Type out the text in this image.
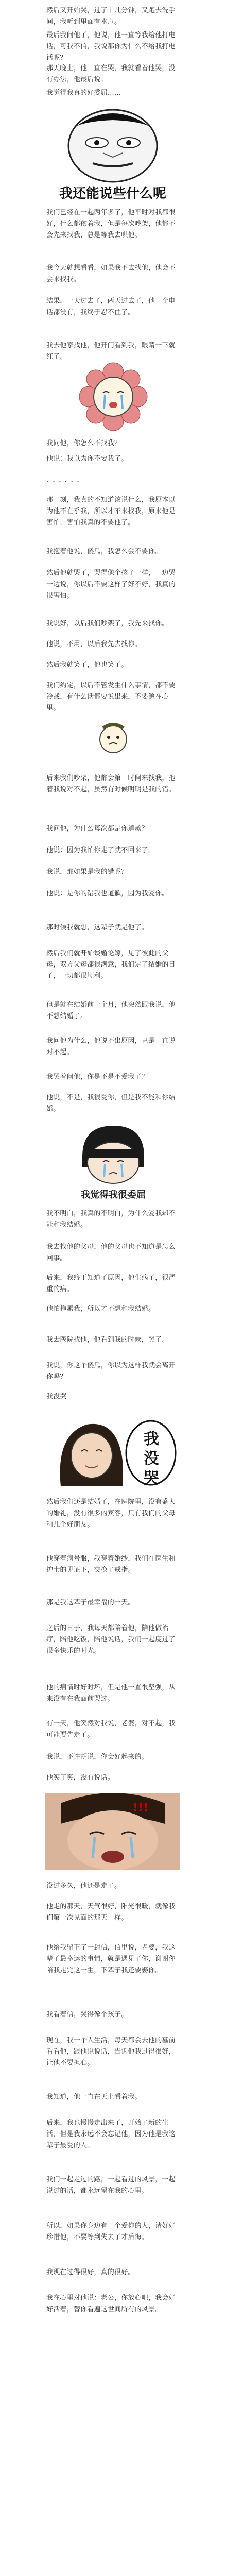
然后又开始哭，过了十几分钟，又跑去洗手间，我听到里面有水声。
最后我问他了，他说，他一直等我给他打电话，可我不信，我说那你为什么不给我打电话呢？
那天晚上，他一直在哭，我就看着他哭，没有办法，他最后说：
我觉得我真的好委屈……
我还能说些什么呢
我们已经在一起两年多了，他平时对我都很好，什么都依着我，但是每次吵架，他都不会先来找我，总是等我去哄他。
我今天就想看看，如果我不去找他，他会不会来找我。
结果，一天过去了，两天过去了，他一个电话都没有，我终于忍不住了。
我去他家找他，他开门看到我，眼睛一下就红了。
我问他，你怎么不找我？
他说：我以为你不要我了。
......
那一刻，我真的不知道该说什么，我原本以为他不在乎我，所以才不来找我，原来他是害怕，害怕我真的不要他了。
我抱着他说，傻瓜，我怎么会不要你。
然后他就哭了，哭得像个孩子一样，一边哭一边说，你以后不要这样了好不好，我真的很害怕。
我说好，以后我们吵架了，我先来找你。
他说，不用，以后我先去找你。
然后我就笑了，他也笑了。
我们约定，以后不管发生什么事情，都不要冷战，有什么话都要说出来，不要憋在心里。
后来我们吵架，他都会第一时间来找我，抱着我说对不起，虽然有时候明明是我的错。
我问他，为什么每次都是你道歉？
他说：因为我怕你走了就不回来了。
我说，那如果是我的错呢？
他说：是你的错我也道歉，因为我爱你。
那时候我就想，这辈子就是他了。
然后我们就开始谈婚论嫁，见了彼此的父母，双方父母都很满意，我们定了结婚的日子，一切都很顺利。
但是就在结婚前一个月，他突然跟我说，他不想结婚了。
我问他为什么，他说不出原因，只是一直说对不起。
我哭着问他，你是不是不爱我了？
他说，不是，我很爱你，但是我不能和你结婚。
我觉得我很委屈
我不明白，我真的不明白，为什么爱我却不能和我结婚。
我去找他的父母，他的父母也不知道是怎么回事。
后来，我终于知道了原因，他生病了，很严重的病。
他怕拖累我，所以才不想和我结婚。
我去医院找他，他看到我的时候，哭了。
我说，你这个傻瓜，你以为这样我就会离开你吗？
我没哭
我没哭
然后我们还是结婚了，在医院里，没有盛大的婚礼，没有很多的宾客，只有我们的父母和几个好朋友。
他穿着病号服，我穿着婚纱，我们在医生和护士的见证下，交换了戒指。
那是我这辈子最幸福的一天。
之后的日子，我每天都陪着他，陪他做治疗，陪他吃饭，陪他说话，我们一起度过了很多快乐的时光。
他的病情时好时坏，但是他一直很坚强，从来没有在我面前哭过。
有一天，他突然对我说，老婆，对不起，我可能要先走了。
我说，不许胡说，你会好起来的。
他笑了笑，没有说话。
!!!
没过多久，他还是走了。
他走的那天，天气很好，阳光很暖，就像我们第一次见面的那天一样。
他给我留下了一封信，信里说，老婆，我这辈子最幸运的事情，就是遇见了你，谢谢你陪我走完这一生，下辈子我还要娶你。
我看着信，哭得像个孩子。
现在，我一个人生活，每天都会去他的墓前看看他，跟他说说话，告诉他我过得很好，让他不要担心。
我知道，他一直在天上看着我。
后来，我也慢慢走出来了，开始了新的生活，但是我永远不会忘记他，因为他是我这辈子最爱的人。
我们一起走过的路，一起看过的风景，一起说过的话，都永远留在我的心里。
所以，如果你身边有一个爱你的人，请好好珍惜他，不要等到失去了才后悔。
我现在过得很好，真的很好。
我在心里对他说：老公，你放心吧，我会好好活着，替你看遍这世间所有的风景。
